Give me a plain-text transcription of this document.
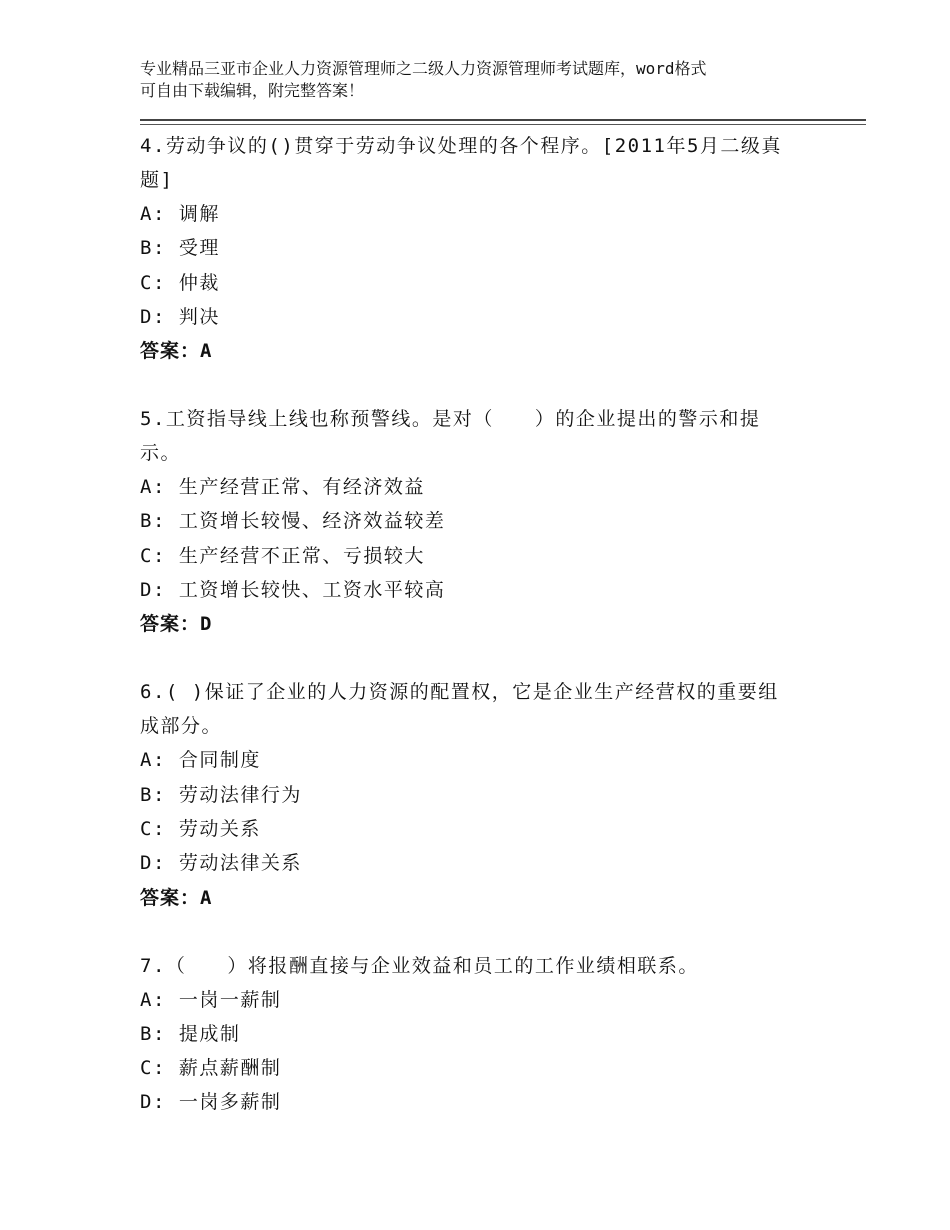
专业精品三亚市企业人力资源管理师之二级人力资源管理师考试题库，word格式
可自由下载编辑，附完整答案！
4.劳动争议的()贯穿于劳动争议处理的各个程序。[2011年5月二级真
题]
A: 调解
B: 受理
C: 仲裁
D: 判决
答案：A
5.工资指导线上线也称预警线。是对（　　）的企业提出的警示和提
示。
A: 生产经营正常、有经济效益
B: 工资增长较慢、经济效益较差
C: 生产经营不正常、亏损较大
D: 工资增长较快、工资水平较高
答案：D
6.( )保证了企业的人力资源的配置权，它是企业生产经营权的重要组
成部分。
A: 合同制度
B: 劳动法律行为
C: 劳动关系
D: 劳动法律关系
答案：A
7.（　　）将报酬直接与企业效益和员工的工作业绩相联系。
A: 一岗一薪制
B: 提成制
C: 薪点薪酬制
D: 一岗多薪制
